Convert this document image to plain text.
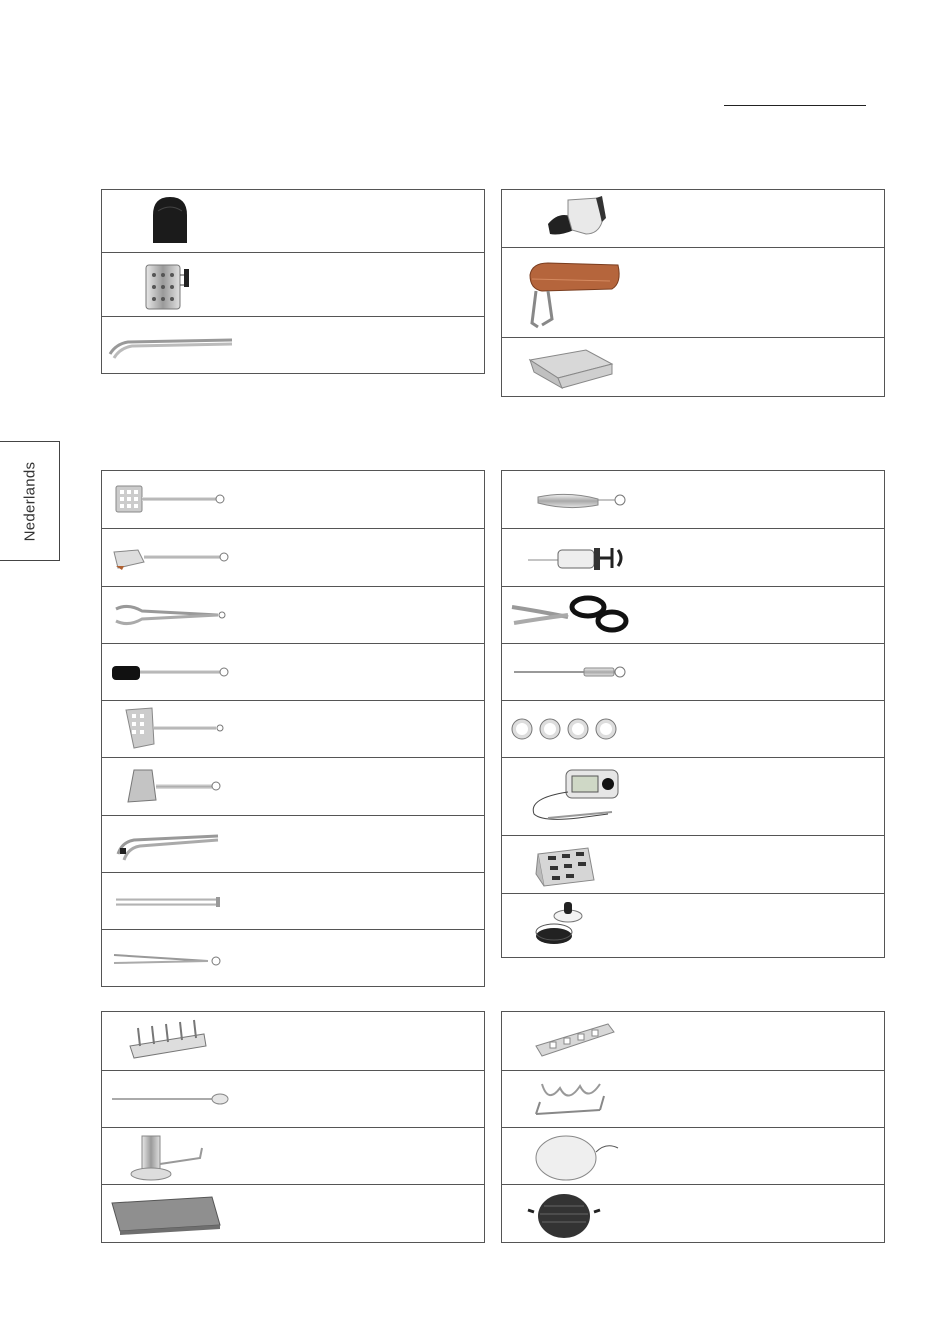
Nederlands
